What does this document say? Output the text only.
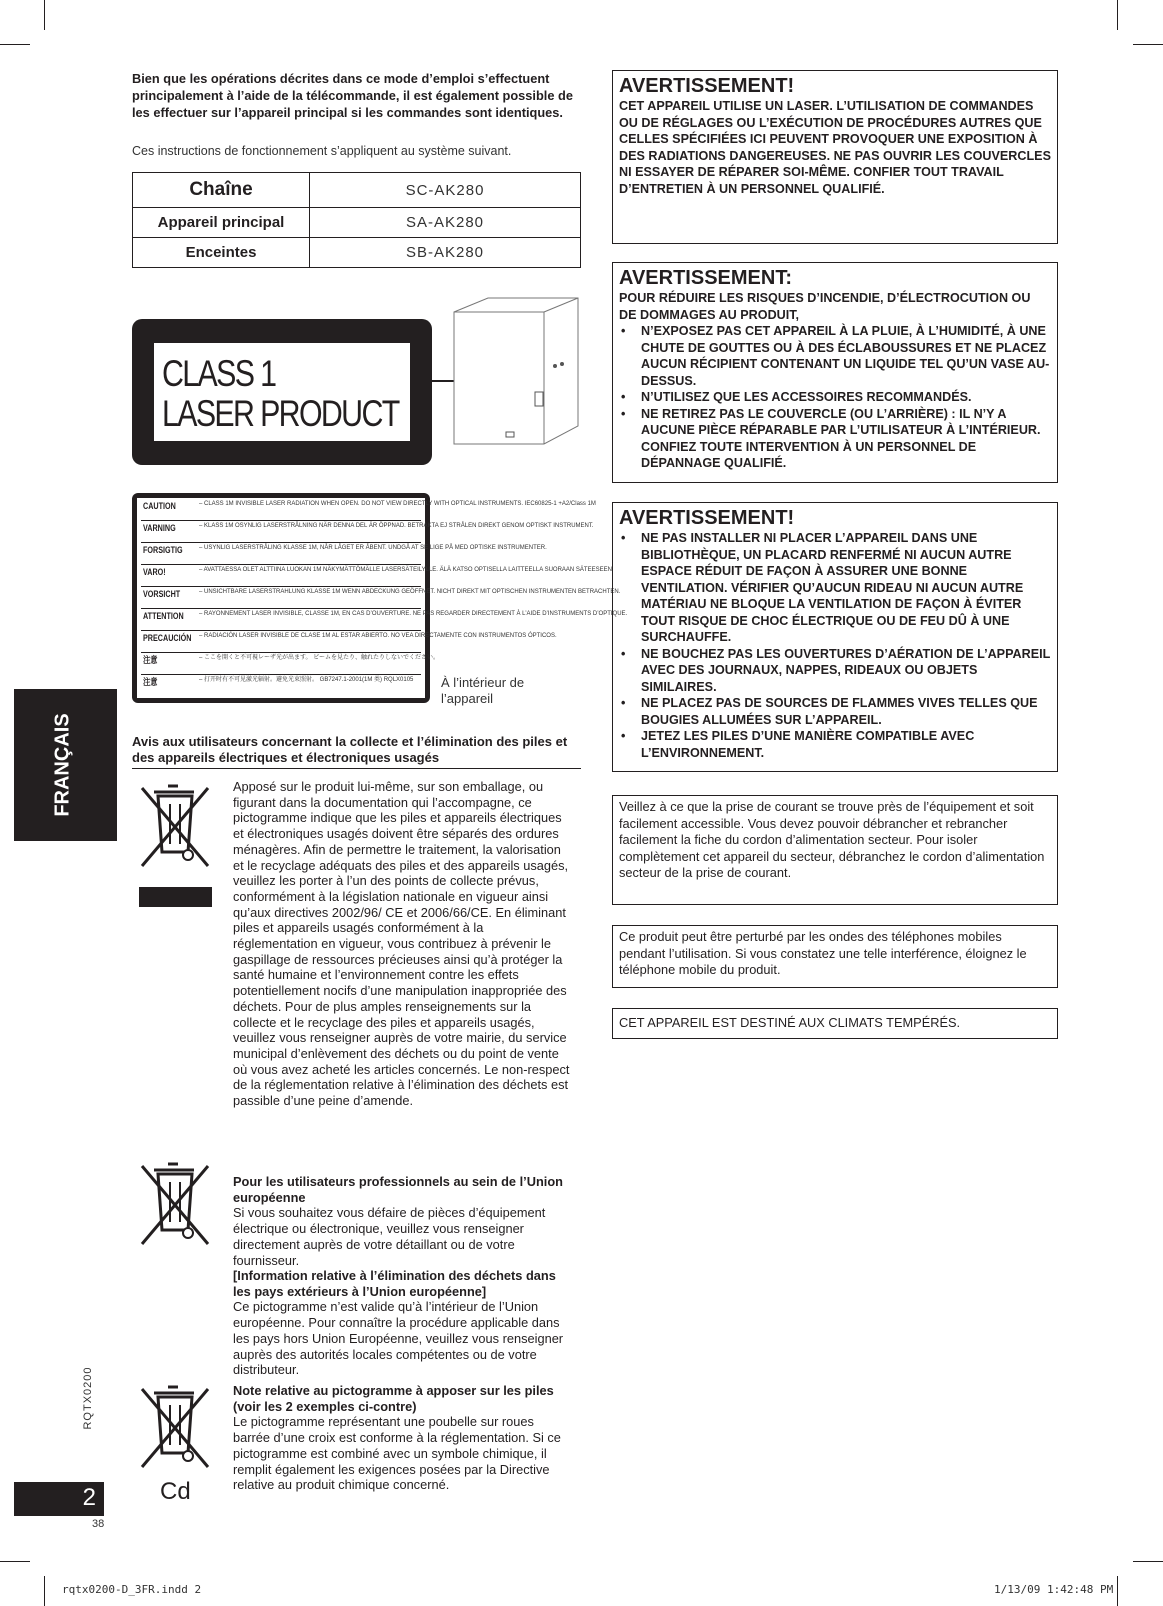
Bien que les opérations décrites dans ce mode d’emploi s’effectuent principalement à l’aide de la télécommande, il est également possible de les effectuer sur l’appareil principal si les commandes sont identiques.
Ces instructions de fonctionnement s’appliquent au système suivant.
Chaîne	SC-AK280
Appareil principal	SA-AK280
Enceintes	SB-AK280
CLASS 1
LASER PRODUCT
CAUTION	– CLASS 1M INVISIBLE LASER RADIATION WHEN OPEN. DO NOT VIEW DIRECTLY WITH OPTICAL INSTRUMENTS. IEC60825-1 +A2/Class 1M
VARNING	– KLASS 1M OSYNLIG LASERSTRÅLNING NÄR DENNA DEL ÄR ÖPPNAD. BETRAKTA EJ STRÅLEN DIREKT GENOM OPTISKT INSTRUMENT.
FORSIGTIG	– USYNLIG LASERSTRÅLING KLASSE 1M, NÅR LÅGET ER ÅBENT. UNDGÅ AT SE LIGE PÅ MED OPTISKE INSTRUMENTER.
VARO!	– AVATTAESSA OLET ALTTIINA LUOKAN 1M NÄKYMÄTTÖMÄLLE LASERSÄTEILYLLE. ÄLÄ KATSO OPTISELLA LAITTEELLA SUORAAN SÄTEESEEN.
VORSICHT	– UNSICHTBARE LASERSTRAHLUNG KLASSE 1M WENN ABDECKUNG GEÖFFNET. NICHT DIREKT MIT OPTISCHEN INSTRUMENTEN BETRACHTEN.
ATTENTION	– RAYONNEMENT LASER INVISIBLE, CLASSE 1M, EN CAS D’OUVERTURE. NE PAS REGARDER DIRECTEMENT À L’AIDE D’INSTRUMENTS D’OPTIQUE.
PRECAUCIÓN – RADIACIÓN LASER INVISIBLE DE CLASE 1M AL ESTAR ABIERTO. NO VEA DIRECTAMENTE CON INSTRUMENTOS ÓPTICOS.
注意	– ここを開くと不可視レーザ光が出ます。 ビームを見たり、触れたりしないでください。
注意	– 打开时有不可见激光辐射。避免光束照射。 GB7247.1-2001(1M 类) RQLX0105	À l’intérieur de l’appareil
Avis aux utilisateurs concernant la collecte et l’élimination des piles et des appareils électriques et électroniques usagés
Apposé sur le produit lui-même, sur son emballage, ou figurant dans la documentation qui l’accompagne, ce pictogramme indique que les piles et appareils électriques et électroniques usagés doivent être séparés des ordures ménagères. Afin de permettre le traitement, la valorisation et le recyclage adéquats des piles et des appareils usagés, veuillez les porter à l’un des points de collecte prévus, conformément à la législation nationale en vigueur ainsi qu’aux directives 2002/96/ CE et 2006/66/CE. En éliminant piles et appareils usagés conformément à la réglementation en vigueur, vous contribuez à prévenir le gaspillage de ressources précieuses ainsi qu’à protéger la santé humaine et l’environnement contre les effets potentiellement nocifs d’une manipulation inappropriée des déchets. Pour de plus amples renseignements sur la collecte et le recyclage des piles et appareils usagés, veuillez vous renseigner auprès de votre mairie, du service municipal d’enlèvement des déchets ou du point de vente où vous avez acheté les articles concernés. Le non-respect de la réglementation relative à l’élimination des déchets est passible d’une peine d’amende.
Pour les utilisateurs professionnels au sein de l’Union européenne
Si vous souhaitez vous défaire de pièces d’équipement électrique ou électronique, veuillez vous renseigner directement auprès de votre détaillant ou de votre fournisseur.
[Information relative à l’élimination des déchets dans les pays extérieurs à l’Union européenne]
Ce pictogramme n’est valide qu’à l’intérieur de l’Union européenne. Pour connaître la procédure applicable dans les pays hors Union Européenne, veuillez vous renseigner auprès des autorités locales compétentes ou de votre distributeur.
Cd
Note relative au pictogramme à apposer sur les piles (voir les 2 exemples ci-contre)
Le pictogramme représentant une poubelle sur roues barrée d’une croix est conforme à la réglementation. Si ce pictogramme est combiné avec un symbole chimique, il remplit également les exigences posées par la Directive relative au produit chimique concerné.
AVERTISSEMENT!
CET APPAREIL UTILISE UN LASER. L’UTILISATION DE COMMANDES OU DE RÉGLAGES OU L’EXÉCUTION DE PROCÉDURES AUTRES QUE CELLES SPÉCIFIÉES ICI PEUVENT PROVOQUER UNE EXPOSITION À DES RADIATIONS DANGEREUSES. NE PAS OUVRIR LES COUVERCLES NI ESSAYER DE RÉPARER SOI-MÊME. CONFIER TOUT TRAVAIL D’ENTRETIEN À UN PERSONNEL QUALIFIÉ.
AVERTISSEMENT:
POUR RÉDUIRE LES RISQUES D’INCENDIE, D’ÉLECTROCUTION OU DE DOMMAGES AU PRODUIT,
• N’EXPOSEZ PAS CET APPAREIL À LA PLUIE, À L’HUMIDITÉ, À UNE CHUTE DE GOUTTES OU À DES ÉCLABOUSSURES ET NE PLACEZ AUCUN RÉCIPIENT CONTENANT UN LIQUIDE TEL QU’UN VASE AU-DESSUS.
• N’UTILISEZ QUE LES ACCESSOIRES RECOMMANDÉS.
• NE RETIREZ PAS LE COUVERCLE (OU L’ARRIÈRE) : IL N’Y A AUCUNE PIÈCE RÉPARABLE PAR L’UTILISATEUR À L’INTÉRIEUR. CONFIEZ TOUTE INTERVENTION À UN PERSONNEL DE DÉPANNAGE QUALIFIÉ.
AVERTISSEMENT!
• NE PAS INSTALLER NI PLACER L’APPAREIL DANS UNE BIBLIOTHÈQUE, UN PLACARD RENFERMÉ NI AUCUN AUTRE ESPACE RÉDUIT DE FAÇON À ASSURER UNE BONNE VENTILATION. VÉRIFIER QU’AUCUN RIDEAU NI AUCUN AUTRE MATÉRIAU NE BLOQUE LA VENTILATION DE FAÇON À ÉVITER TOUT RISQUE DE CHOC ÉLECTRIQUE OU DE FEU DÛ À UNE SURCHAUFFE.
• NE BOUCHEZ PAS LES OUVERTURES D’AÉRATION DE L’APPAREIL AVEC DES JOURNAUX, NAPPES, RIDEAUX OU OBJETS SIMILAIRES.
• NE PLACEZ PAS DE SOURCES DE FLAMMES VIVES TELLES QUE BOUGIES ALLUMÉES SUR L’APPAREIL.
• JETEZ LES PILES D’UNE MANIÈRE COMPATIBLE AVEC L’ENVIRONNEMENT.
Veillez à ce que la prise de courant se trouve près de l’équipement et soit facilement accessible. Vous devez pouvoir débrancher et rebrancher facilement la fiche du cordon d’alimentation secteur. Pour isoler complètement cet appareil du secteur, débranchez le cordon d’alimentation secteur de la prise de courant.
Ce produit peut être perturbé par les ondes des téléphones mobiles pendant l’utilisation. Si vous constatez une telle interférence, éloignez le téléphone mobile du produit.
CET APPAREIL EST DESTINÉ AUX CLIMATS TEMPÉRÉS.
FRANÇAIS
RQTX0200
2
38
rqtx0200-D_3FR.indd 2	1/13/09 1:42:48 PM
